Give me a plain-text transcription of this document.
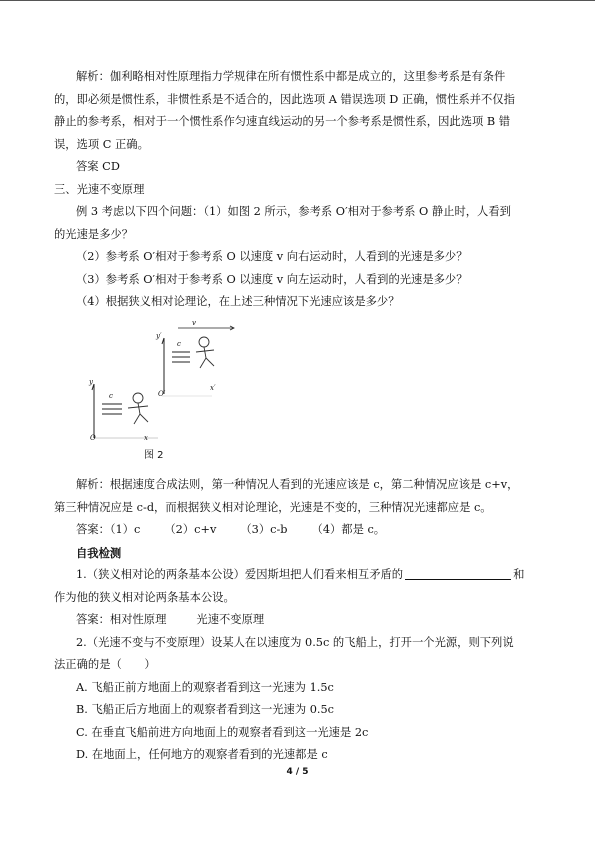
解析：伽利略相对性原理指力学规律在所有惯性系中都是成立的，这里参考系是有条件

的，即必须是惯性系，非惯性系是不适合的，因此选项 A 错误选项 D 正确，惯性系并不仅指

静止的参考系，相对于一个惯性系作匀速直线运动的另一个参考系是惯性系，因此选项 B 错

误，选项 C 正确。

答案 CD

三、光速不变原理

例 3 考虑以下四个问题：（1）如图 2 所示，参考系 O′相对于参考系 O 静止时，人看到

的光速是多少？

（2）参考系 O′相对于参考系 O 以速度 v 向右运动时，人看到的光速是多少？

（3）参考系 O′相对于参考系 O 以速度 v 向左运动时，人看到的光速是多少？

（4）根据狭义相对论理论，在上述三种情况下光速应该是多少？

y
O	x
c
y′
O′
x′
c
v
图 2

解析：根据速度合成法则，第一种情况人看到的光速应该是 c，第二种情况应该是 c+v，

第三种情况应是 c-d，而根据狭义相对论理论，光速是不变的，三种情况光速都应是 c。

答案：（1）c （2）c+v （3）c-b （4）都是 c。

自我检测

1.（狭义相对论的两条基本公设）爱因斯坦把人们看来相互矛盾的	和

作为他的狭义相对论两条基本公设。

答案：相对性原理	光速不变原理

2.（光速不变与不变原理）设某人在以速度为 0.5c 的飞船上，打开一个光源，则下列说

法正确的是（　　）

A. 飞船正前方地面上的观察者看到这一光速为 1.5c

B. 飞船正后方地面上的观察者看到这一光速为 0.5c

C. 在垂直飞船前进方向地面上的观察者看到这一光速是 2c

D. 在地面上，任何地方的观察者看到的光速都是 c

4 / 5
